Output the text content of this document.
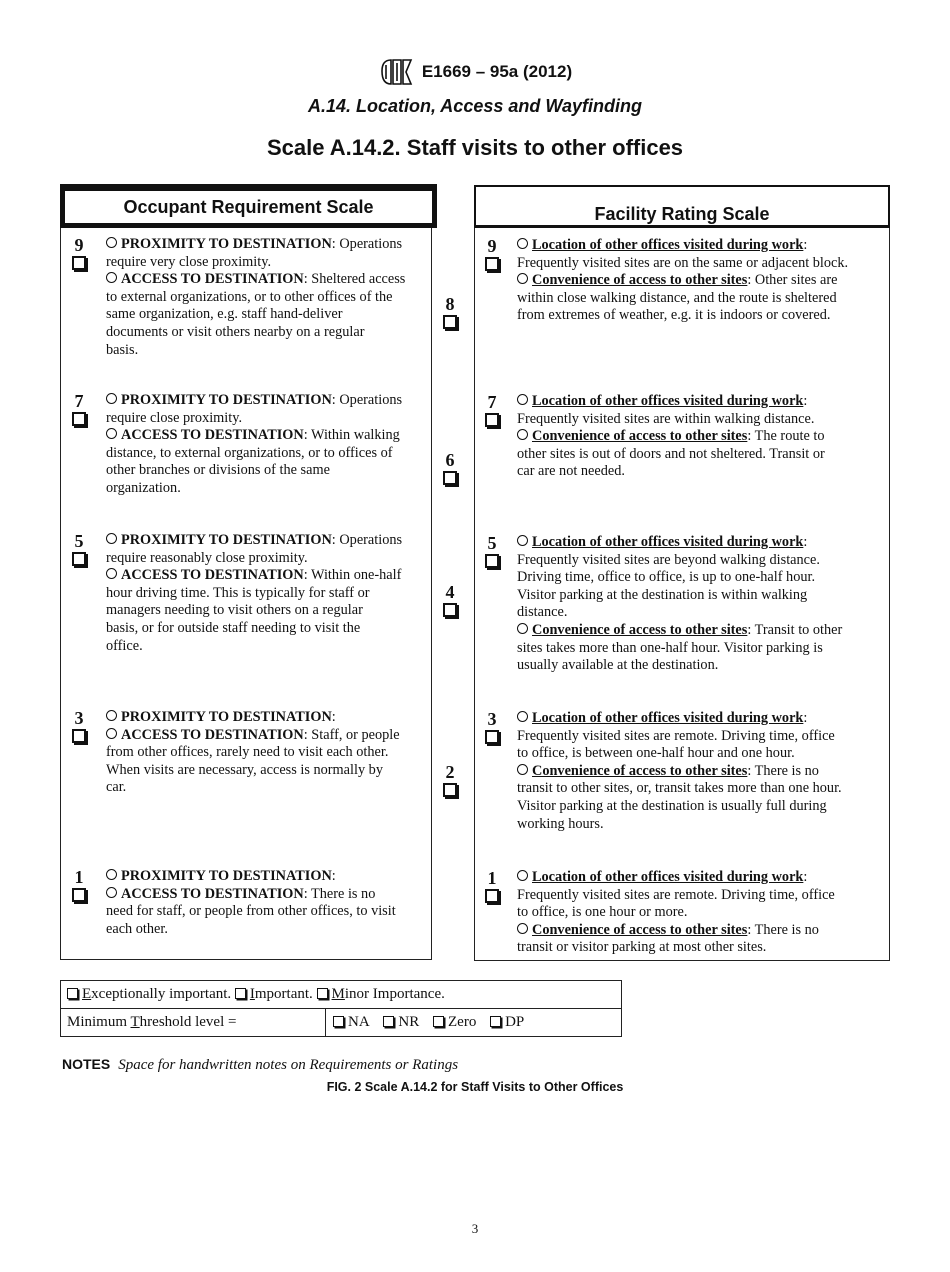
E1669 – 95a (2012)
A.14. Location, Access and Wayfinding
Scale A.14.2. Staff visits to other offices
Occupant Requirement Scale	Facility Rating Scale
9	PROXIMITY TO DESTINATION: Operations
require very close proximity.
ACCESS TO DESTINATION: Sheltered access
to external organizations, or to other offices of the
same organization, e.g. staff hand-deliver
documents or visit others nearby on a regular
basis.
7	PROXIMITY TO DESTINATION: Operations
require close proximity.
ACCESS TO DESTINATION: Within walking
distance, to external organizations, or to offices of
other branches or divisions of the same
organization.
5	PROXIMITY TO DESTINATION: Operations
require reasonably close proximity.
ACCESS TO DESTINATION: Within one-half
hour driving time. This is typically for staff or
managers needing to visit others on a regular
basis, or for outside staff needing to visit the
office.
3	PROXIMITY TO DESTINATION:
ACCESS TO DESTINATION: Staff, or people
from other offices, rarely need to visit each other.
When visits are necessary, access is normally by
car.
1	PROXIMITY TO DESTINATION:
ACCESS TO DESTINATION: There is no
need for staff, or people from other offices, to visit
each other.
9	Location of other offices visited during work:
Frequently visited sites are on the same or adjacent block.
Convenience of access to other sites: Other sites are
within close walking distance, and the route is sheltered
from extremes of weather, e.g. it is indoors or covered.
7	Location of other offices visited during work:
Frequently visited sites are within walking distance.
Convenience of access to other sites: The route to
other sites is out of doors and not sheltered. Transit or
car are not needed.
5	Location of other offices visited during work:
Frequently visited sites are beyond walking distance.
Driving time, office to office, is up to one-half hour.
Visitor parking at the destination is within walking
distance.
Convenience of access to other sites: Transit to other
sites takes more than one-half hour. Visitor parking is
usually available at the destination.
3	Location of other offices visited during work:
Frequently visited sites are remote. Driving time, office
to office, is between one-half hour and one hour.
Convenience of access to other sites: There is no
transit to other sites, or, transit takes more than one hour.
Visitor parking at the destination is usually full during
working hours.
1	Location of other offices visited during work:
Frequently visited sites are remote. Driving time, office
to office, is one hour or more.
Convenience of access to other sites: There is no
transit or visitor parking at most other sites.
8
6
4
2
Exceptionally important. Important. Minor Importance.
Minimum Threshold level =	NA NR Zero DP
NOTES Space for handwritten notes on Requirements or Ratings
FIG. 2 Scale A.14.2 for Staff Visits to Other Offices
3
